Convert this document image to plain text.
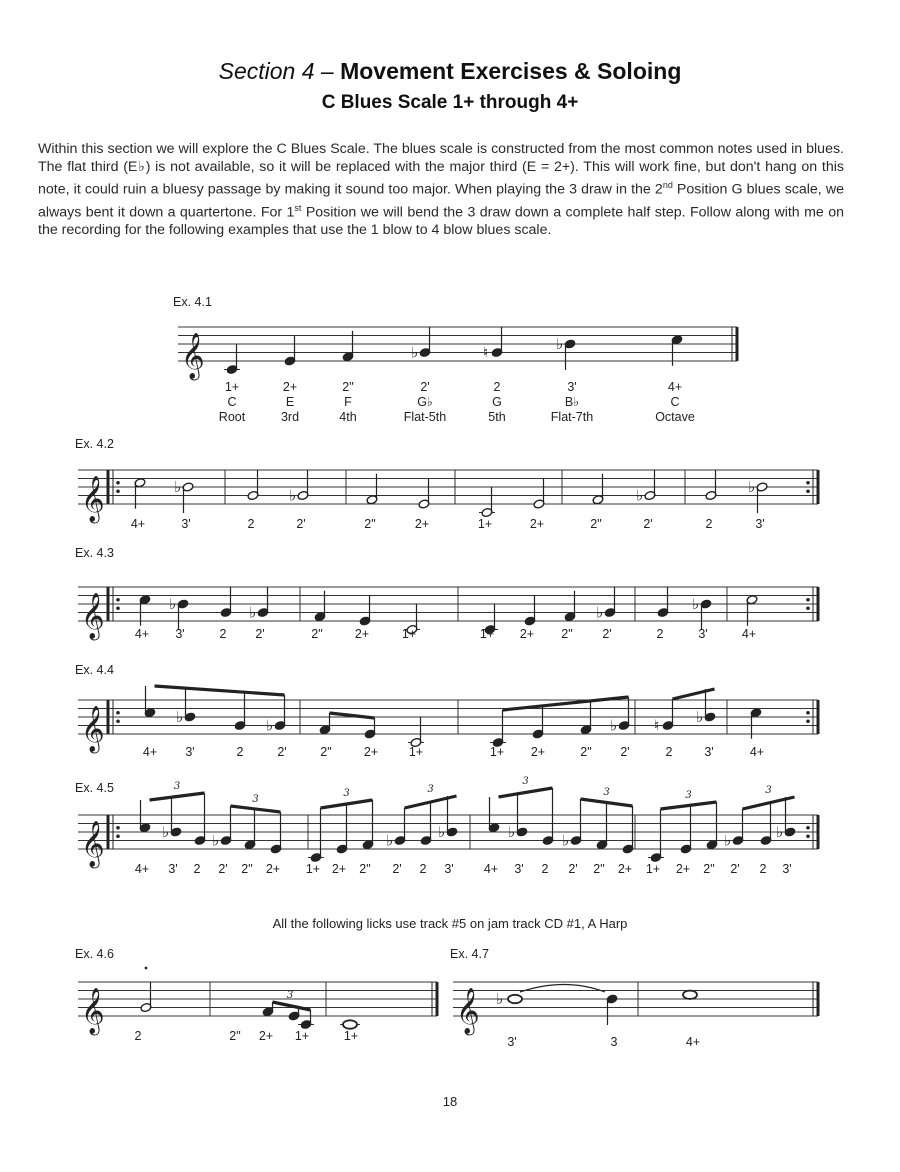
Section 4 – Movement Exercises & Soloing
C Blues Scale 1+ through 4+
Within this section we will explore the C Blues Scale. The blues scale is constructed from the most common notes used in blues. The flat third (E♭) is not available, so it will be replaced with the major third (E = 2+). This will work fine, but don't hang on this note, it could ruin a bluesy passage by making it sound too major. When playing the 3 draw in the 2nd Position G blues scale, we always bent it down a quartertone. For 1st Position we will bend the 3 draw down a complete half step. Follow along with me on the recording for the following examples that use the 1 blow to 4 blow blues scale.
Ex. 4.1
𝄞	♭	♮	♭
1+	2+	2"	2'	2	3'	4+
C	E	F	G♭	G	B♭	C
Root	3rd	4th	Flat-5th	5th	Flat-7th	Octave
Ex. 4.2
𝄞	♭	♭	♭	♭
4+	3'	2	2'	2"	2+	1+	2+	2"	2'	2	3'
Ex. 4.3
𝄞	♭	♭	♭	♭
4+ 3'	2 2'	2"	2+	1+	1+ 2+ 2" 2'	2	3'	4+
Ex. 4.4
𝄞	♭	♭	♭ ♮ ♭
4+ 3'	2	2'	2"	2+ 1+	1+ 2+	2" 2'	2	3'	4+
Ex. 4.5
𝄞	♭
3
♭
3
3
♭	♭
3
♭
3
♭
3	3
♭	♭
3
4+ 3' 2 2' 2" 2+ 1+ 2+ 2" 2' 2 3' 4+ 3' 2 2' 2" 2+ 1+ 2+ 2" 2' 2 3'
Ex. 4.6
𝄞	3
2	2" 2+ 1+	1+
Ex. 4.7
𝄞 ♭
3'	3	4+
All the following licks use track #5 on jam track CD #1, A Harp
18
